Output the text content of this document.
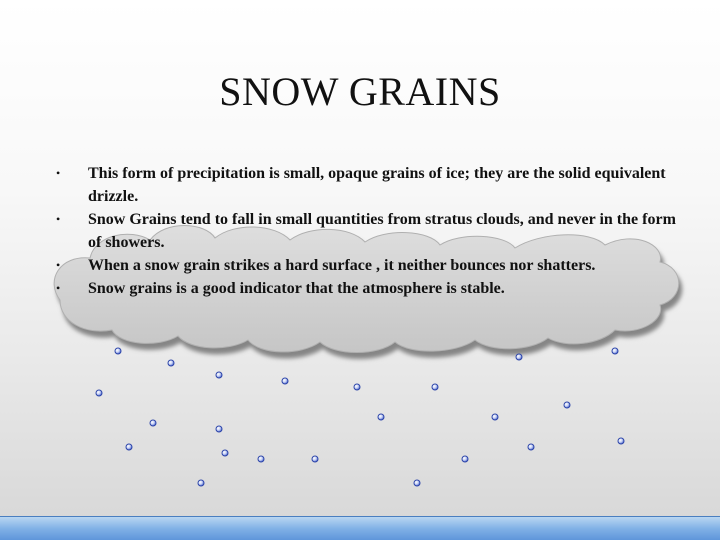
SNOW GRAINS
• This form of precipitation is small, opaque grains of ice; they are the solid equivalent drizzle.
• Snow Grains tend to fall in small quantities from stratus clouds, and never in the form of showers.
• When a snow grain strikes a hard surface , it neither bounces nor shatters.
• Snow grains is a good indicator that the atmosphere is stable.
